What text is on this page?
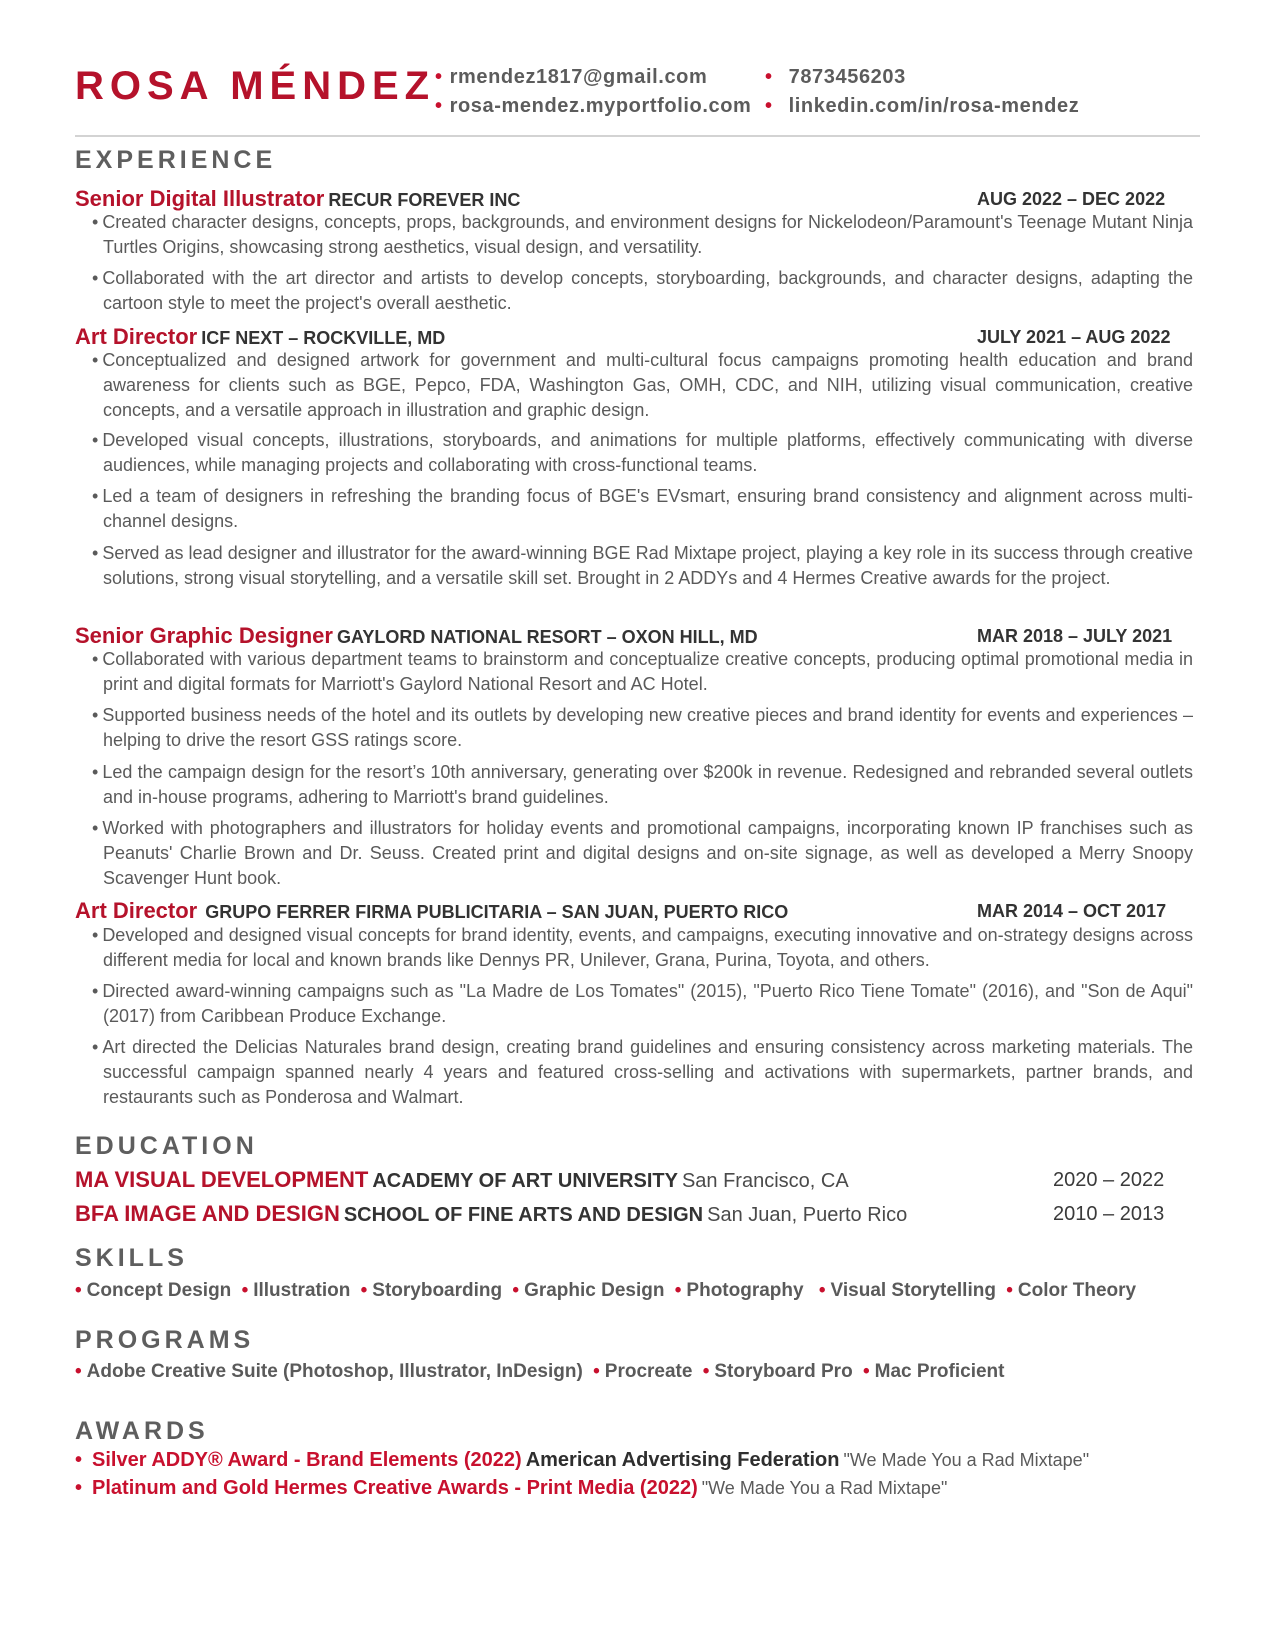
ROSA MÉNDEZ • rmendez1817@gmail.com
• rosa-mendez.myportfolio.com
• 7873456203
• linkedin.com/in/rosa-mendez
EXPERIENCE
Senior Digital Illustrator RECUR FOREVER INC	AUG 2022 – DEC 2022
• Created character designs, concepts, props, backgrounds, and environment designs for Nickelodeon/Paramount's Teenage Mutant Ninja Turtles Origins, showcasing strong aesthetics, visual design, and versatility.
• Collaborated with the art director and artists to develop concepts, storyboarding, backgrounds, and character designs, adapting the cartoon style to meet the project's overall aesthetic.
Art Director ICF NEXT – ROCKVILLE, MD	JULY 2021 – AUG 2022
• Conceptualized and designed artwork for government and multi-cultural focus campaigns promoting health education and brand awareness for clients such as BGE, Pepco, FDA, Washington Gas, OMH, CDC, and NIH, utilizing visual communication, creative concepts, and a versatile approach in illustration and graphic design.
• Developed visual concepts, illustrations, storyboards, and animations for multiple platforms, effectively communicating with diverse audiences, while managing projects and collaborating with cross-functional teams.
• Led a team of designers in refreshing the branding focus of BGE's EVsmart, ensuring brand consistency and alignment across multi-channel designs.
• Served as lead designer and illustrator for the award-winning BGE Rad Mixtape project, playing a key role in its success through creative solutions, strong visual storytelling, and a versatile skill set. Brought in 2 ADDYs and 4 Hermes Creative awards for the project.
Senior Graphic Designer GAYLORD NATIONAL RESORT – OXON HILL, MD	MAR 2018 – JULY 2021
• Collaborated with various department teams to brainstorm and conceptualize creative concepts, producing optimal promotional media in print and digital formats for Marriott's Gaylord National Resort and AC Hotel.
• Supported business needs of the hotel and its outlets by developing new creative pieces and brand identity for events and experiences – helping to drive the resort GSS ratings score.
• Led the campaign design for the resort’s 10th anniversary, generating over $200k in revenue. Redesigned and rebranded several outlets and in-house programs, adhering to Marriott's brand guidelines.
• Worked with photographers and illustrators for holiday events and promotional campaigns, incorporating known IP franchises such as Peanuts' Charlie Brown and Dr. Seuss. Created print and digital designs and on-site signage, as well as developed a Merry Snoopy Scavenger Hunt book.
Art Director GRUPO FERRER FIRMA PUBLICITARIA – SAN JUAN, PUERTO RICO	MAR 2014 – OCT 2017
• Developed and designed visual concepts for brand identity, events, and campaigns, executing innovative and on-strategy designs across different media for local and known brands like Dennys PR, Unilever, Grana, Purina, Toyota, and others.
• Directed award-winning campaigns such as "La Madre de Los Tomates" (2015), "Puerto Rico Tiene Tomate" (2016), and "Son de Aqui" (2017) from Caribbean Produce Exchange.
• Art directed the Delicias Naturales brand design, creating brand guidelines and ensuring consistency across marketing materials. The successful campaign spanned nearly 4 years and featured cross-selling and activations with supermarkets, partner brands, and restaurants such as Ponderosa and Walmart.
EDUCATION
MA VISUAL DEVELOPMENT ACADEMY OF ART UNIVERSITY San Francisco, CA	2020 – 2022
BFA IMAGE AND DESIGN SCHOOL OF FINE ARTS AND DESIGN San Juan, Puerto Rico	2010 – 2013
SKILLS
• Concept Design • Illustration • Storyboarding • Graphic Design • Photography • Visual Storytelling • Color Theory
PROGRAMS
• Adobe Creative Suite (Photoshop, Illustrator, InDesign) • Procreate • Storyboard Pro • Mac Proficient
AWARDS
• Silver ADDY® Award - Brand Elements (2022) American Advertising Federation "We Made You a Rad Mixtape"
• Platinum and Gold Hermes Creative Awards - Print Media (2022) "We Made You a Rad Mixtape"
